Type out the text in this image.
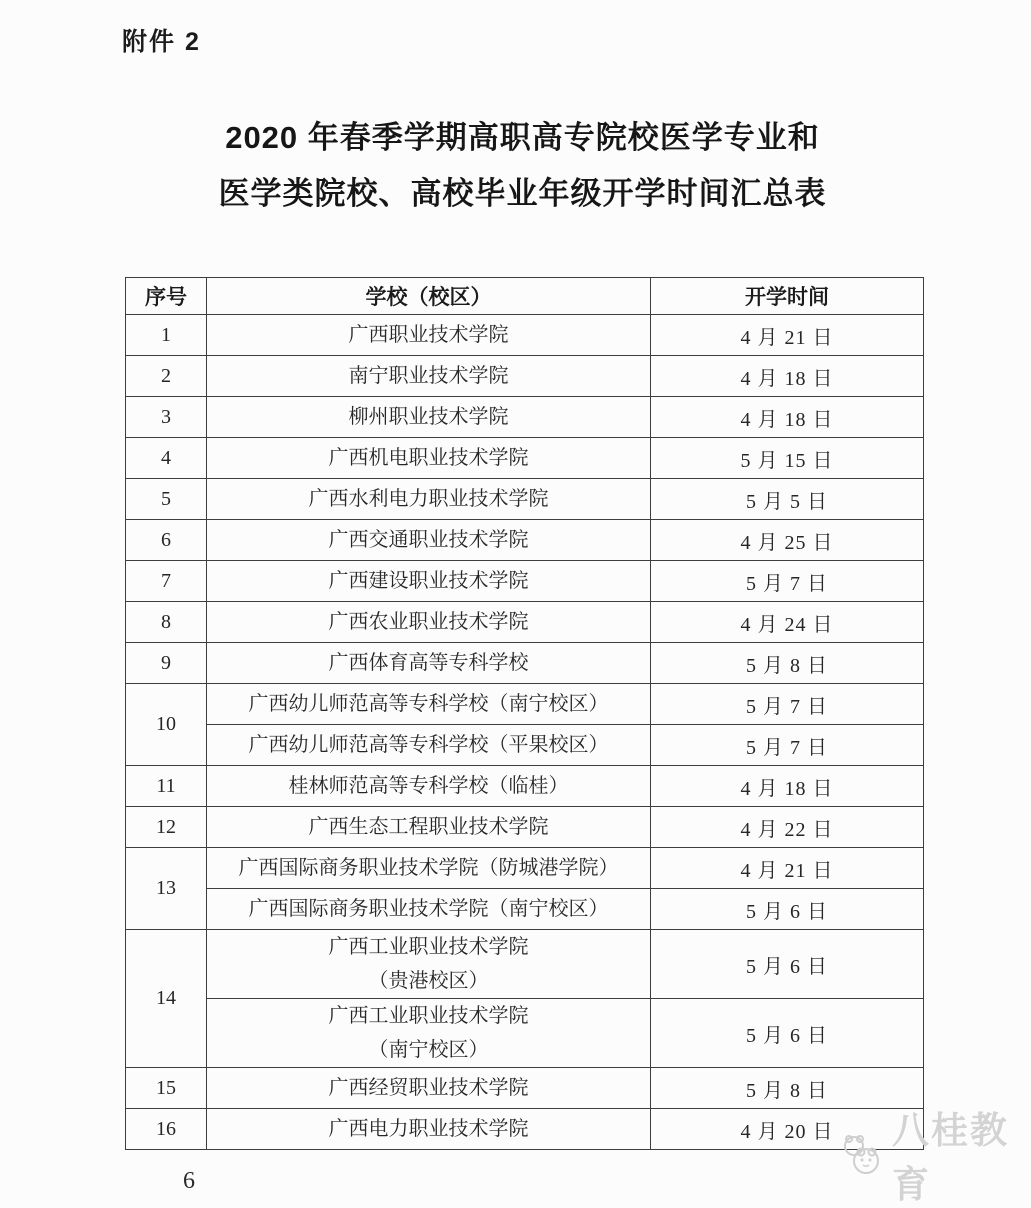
附件 2
2020 年春季学期高职高专院校医学专业和
医学类院校、高校毕业年级开学时间汇总表
序号	学校（校区）	开学时间
1	广西职业技术学院	4 月 21 日
2	南宁职业技术学院	4 月 18 日
3	柳州职业技术学院	4 月 18 日
4	广西机电职业技术学院	5 月 15 日
5	广西水利电力职业技术学院	5 月 5 日
6	广西交通职业技术学院	4 月 25 日
7	广西建设职业技术学院	5 月 7 日
8	广西农业职业技术学院	4 月 24 日
9	广西体育高等专科学校	5 月 8 日
10	广西幼儿师范高等专科学校（南宁校区）	5 月 7 日

	广西幼儿师范高等专科学校（平果校区）	5 月 7 日
11	桂林师范高等专科学校（临桂）	4 月 18 日
12	广西生态工程职业技术学院	4 月 22 日
13	广西国际商务职业技术学院（防城港学院）	4 月 21 日

	广西国际商务职业技术学院（南宁校区）	5 月 6 日
14	广西工业职业技术学院
（贵港校区）	5 月 6 日

	广西工业职业技术学院
（南宁校区）	5 月 6 日
15	广西经贸职业技术学院	5 月 8 日
16	广西电力职业技术学院	4 月 20 日
6
八桂教育
